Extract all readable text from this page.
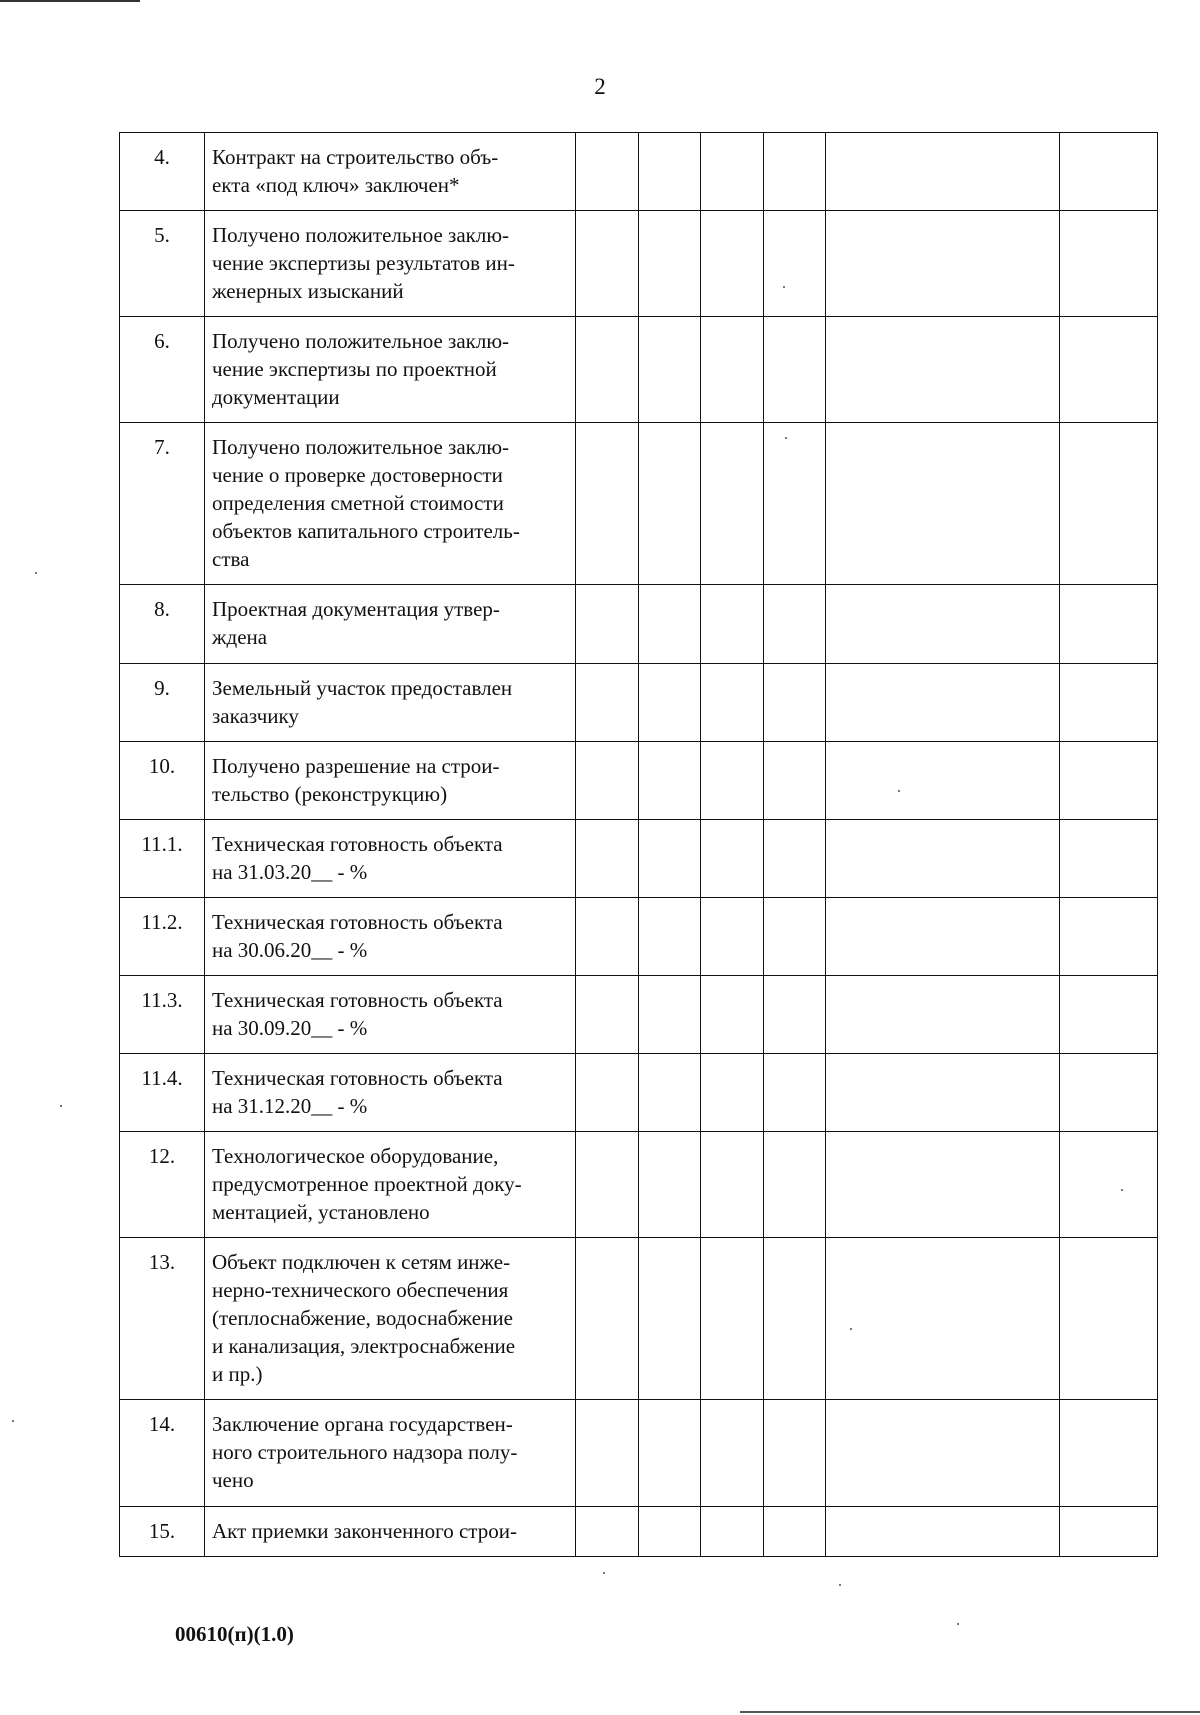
2
4.	Контракт на строительство объ-
екта «под ключ» заключен*						
5.	Получено положительное заклю-
чение экспертизы результатов ин-
женерных изысканий						
6.	Получено положительное заклю-
чение экспертизы по проектной
документации						
7.	Получено положительное заклю-
чение о проверке достоверности
определения сметной стоимости
объектов капитального строитель-
ства						
8.	Проектная документация утвер-
ждена						
9.	Земельный участок предоставлен
заказчику						
10.	Получено разрешение на строи-
тельство (реконструкцию)						
11.1.	Техническая готовность объекта
на 31.03.20__ - %						
11.2.	Техническая готовность объекта
на 30.06.20__ - %						
11.3.	Техническая готовность объекта
на 30.09.20__ - %						
11.4.	Техническая готовность объекта
на 31.12.20__ - %						
12.	Технологическое оборудование,
предусмотренное проектной доку-
ментацией, установлено						
13.	Объект подключен к сетям инже-
нерно-технического обеспечения
(теплоснабжение, водоснабжение
и канализация, электроснабжение
и пр.)						
14.	Заключение органа государствен-
ного строительного надзора полу-
чено						
15.	Акт приемки законченного строи-						
00610(п)(1.0)
